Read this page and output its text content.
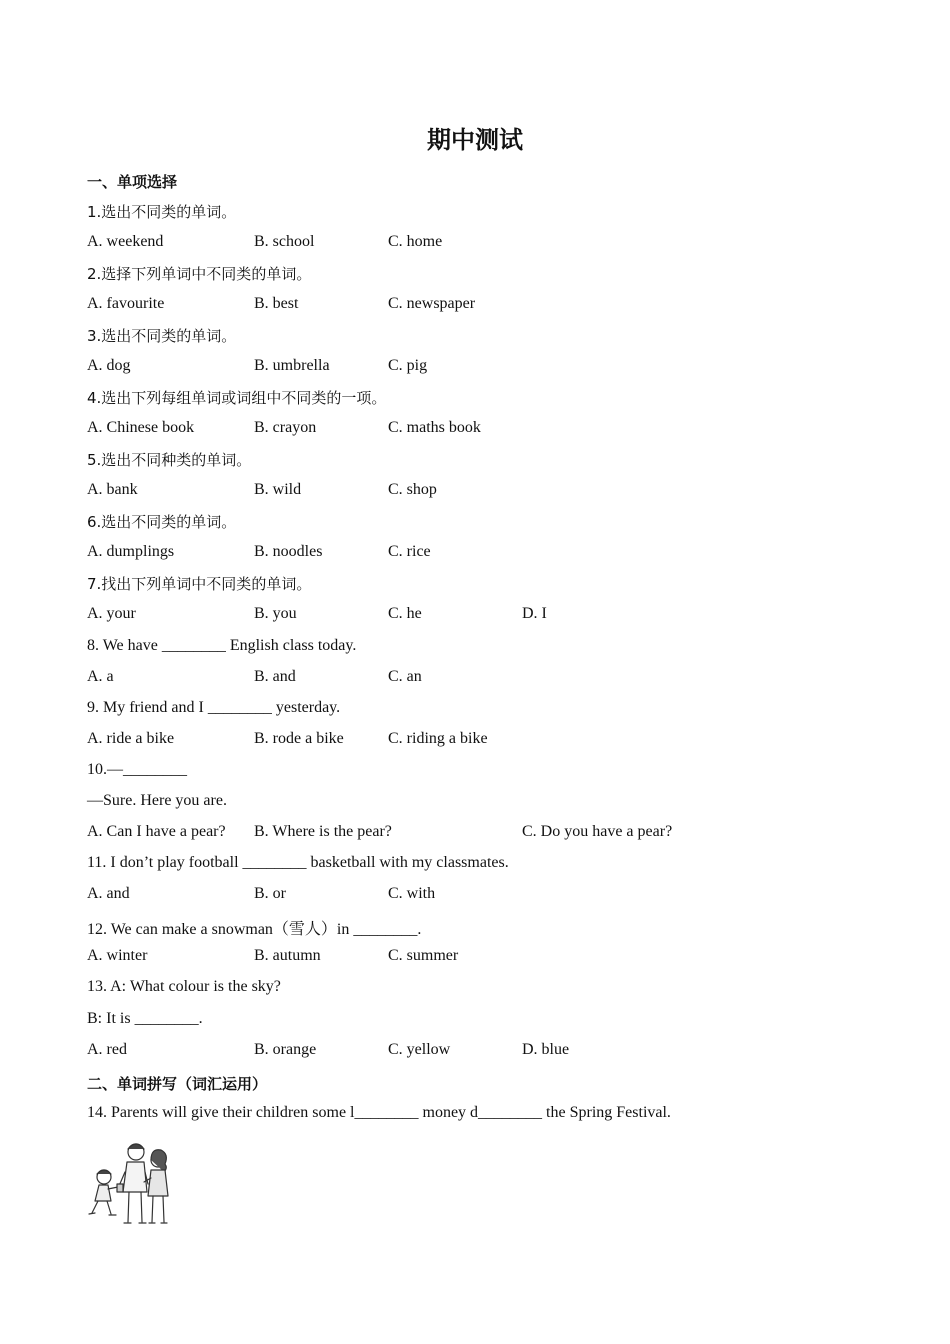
期中测试
一、单项选择
1.选出不同类的单词。
A. weekend	B. school	C. home
2.选择下列单词中不同类的单词。
A. favourite	B. best	C. newspaper
3.选出不同类的单词。
A. dog	B. umbrella	C. pig
4.选出下列每组单词或词组中不同类的一项。
A. Chinese book	B. crayon	C. maths book
5.选出不同种类的单词。
A. bank	B. wild	C. shop
6.选出不同类的单词。
A. dumplings	B. noodles	C. rice
7.找出下列单词中不同类的单词。
A. your	B. you	C. he	D. I
8. We have ________ English class today.
A. a	B. and	C. an
9. My friend and I ________ yesterday.
A. ride a bike	B. rode a bike	C. riding a bike
10.—________
—Sure. Here you are.
A. Can I have a pear? B. Where is the pear?	C. Do you have a pear?
11. I don’t play football ________ basketball with my classmates.
A. and	B. or	C. with
12. We can make a snowman（雪人）in ________.
A. winter	B. autumn	C. summer
13. A: What colour is the sky?
B: It is ________.
A. red	B. orange	C. yellow	D. blue
二、单词拼写（词汇运用）
14. Parents will give their children some l________ money d________ the Spring Festival.
